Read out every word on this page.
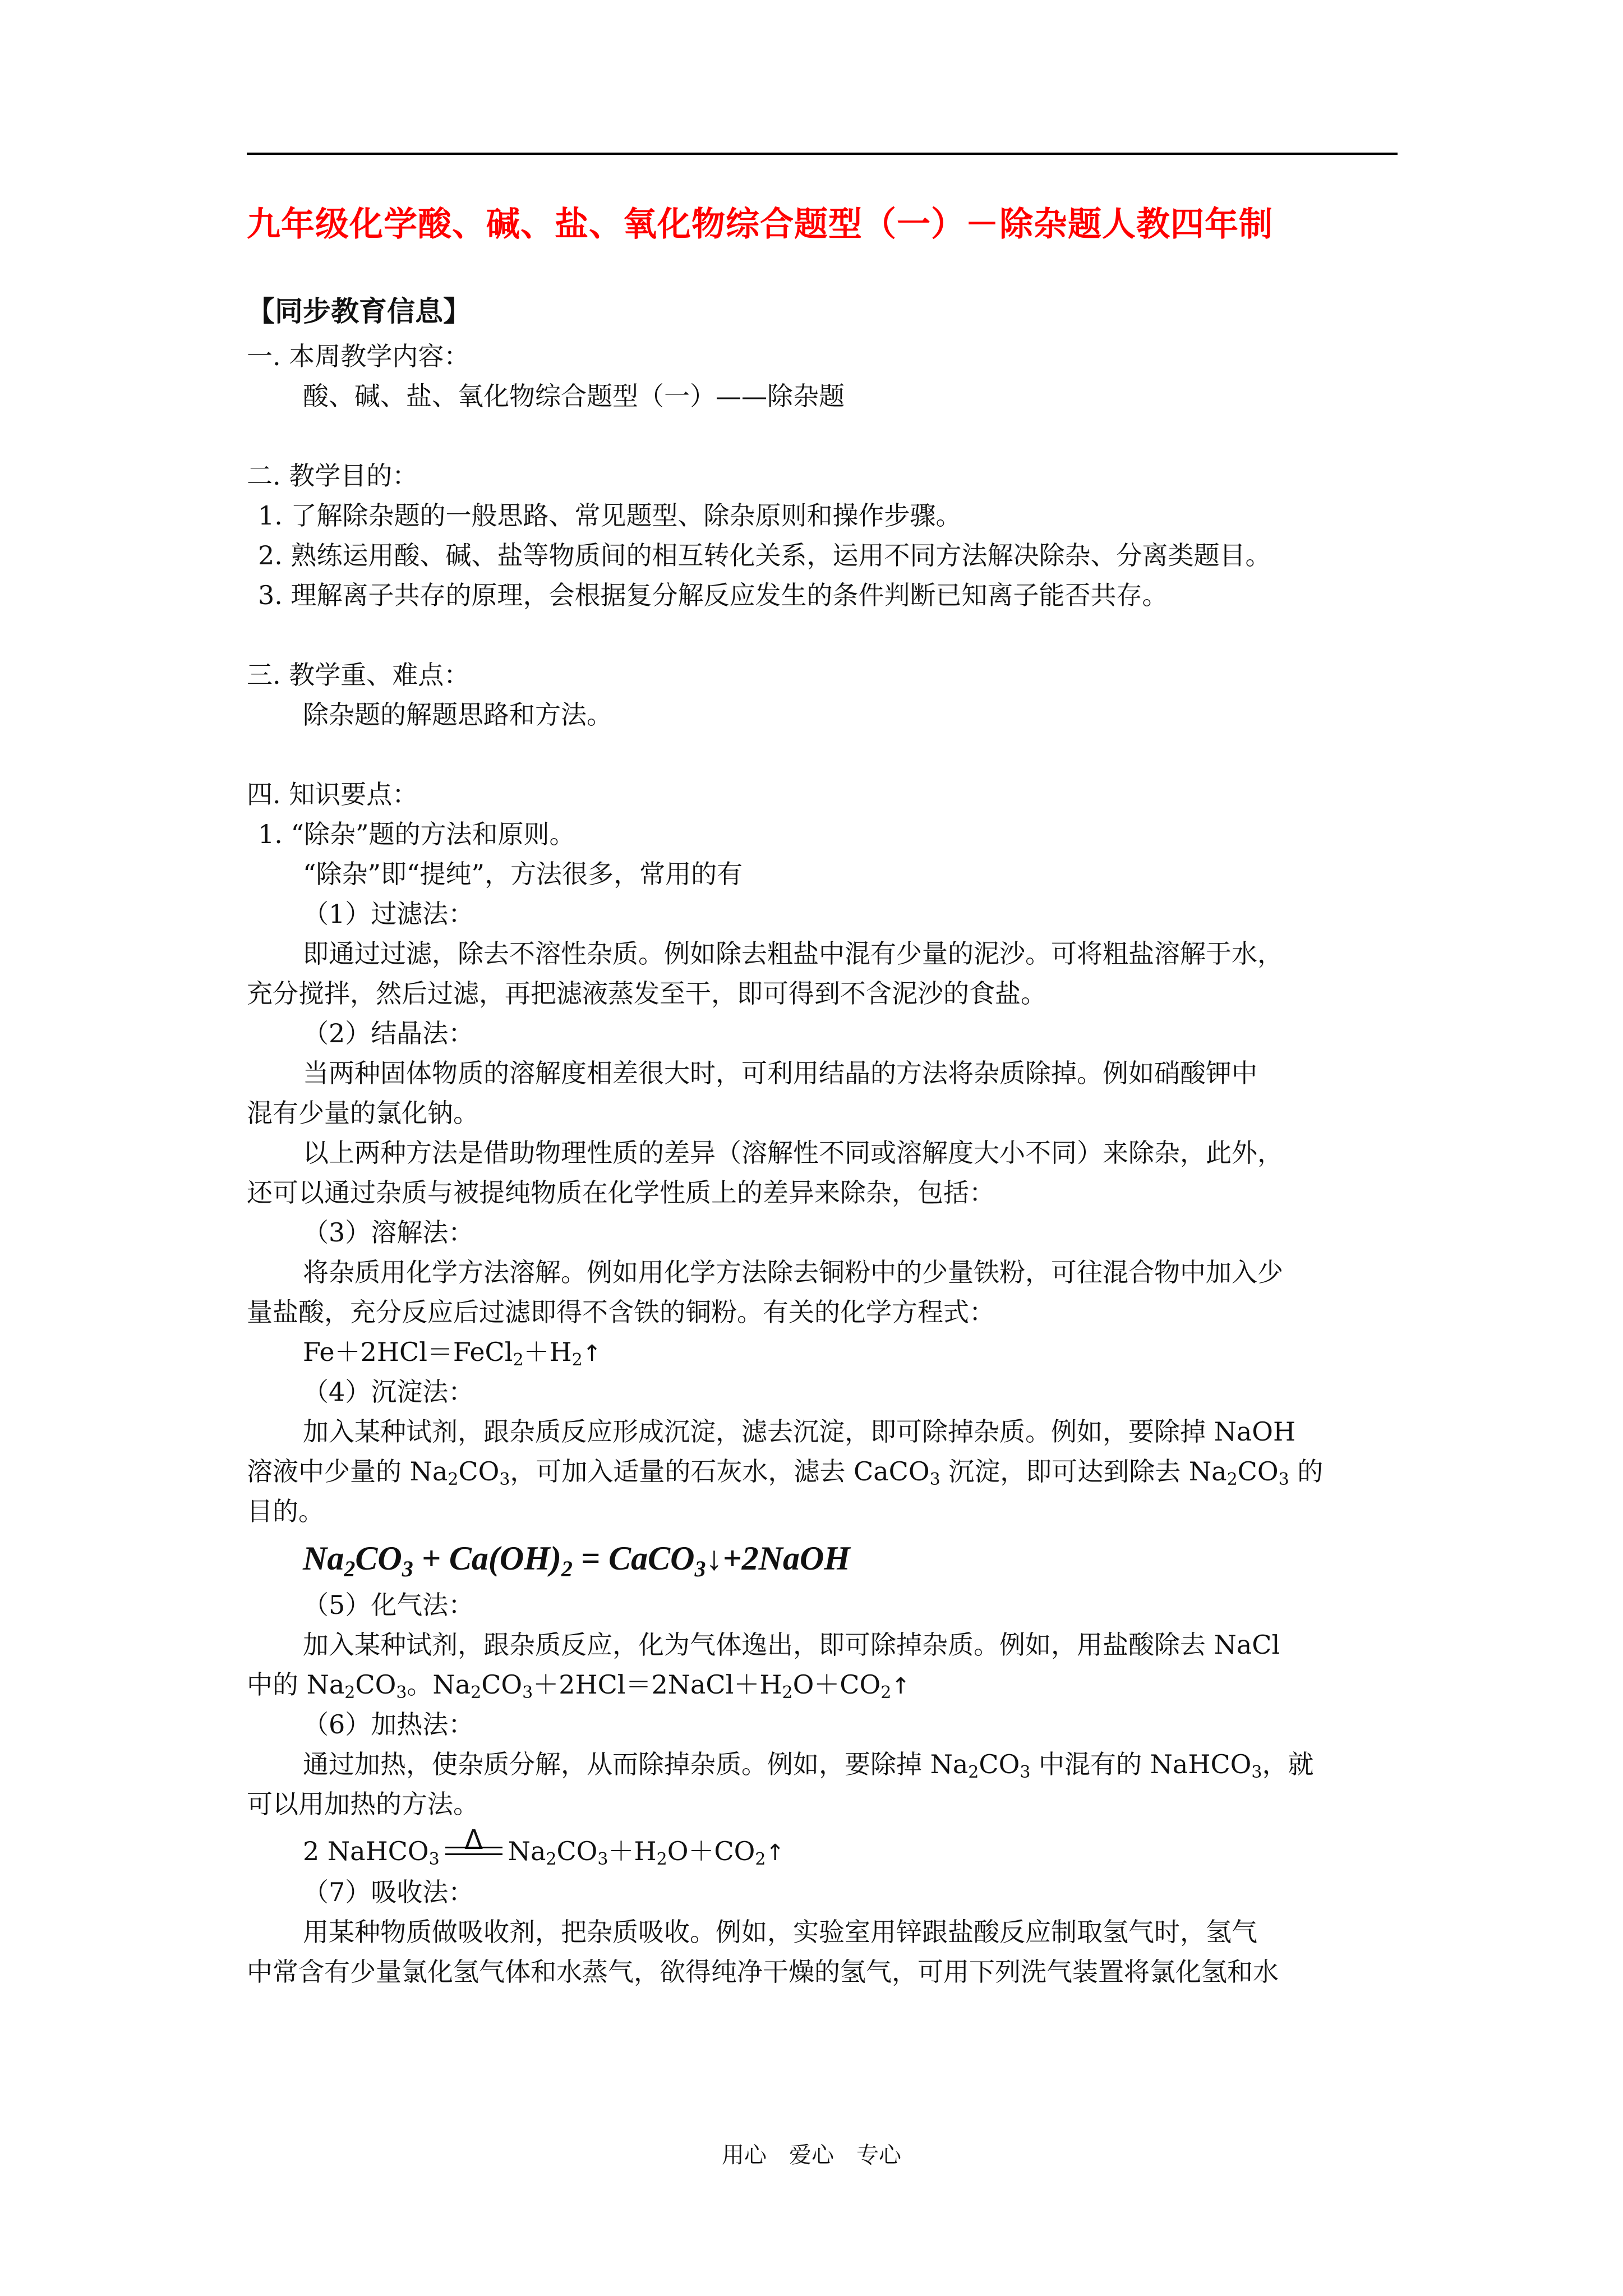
九年级化学酸、碱、盐、氧化物综合题型（一）－除杂题人教四年制
【同步教育信息】
一. 本周教学内容：
酸、碱、盐、氧化物综合题型（一）——除杂题
二. 教学目的：
1. 了解除杂题的一般思路、常见题型、除杂原则和操作步骤。
2. 熟练运用酸、碱、盐等物质间的相互转化关系，运用不同方法解决除杂、分离类题目。
3. 理解离子共存的原理，会根据复分解反应发生的条件判断已知离子能否共存。
三. 教学重、难点：
除杂题的解题思路和方法。
四. 知识要点：
1. “除杂”题的方法和原则。
“除杂”即“提纯”，方法很多，常用的有
（1）过滤法：
即通过过滤，除去不溶性杂质。例如除去粗盐中混有少量的泥沙。可将粗盐溶解于水，
充分搅拌，然后过滤，再把滤液蒸发至干，即可得到不含泥沙的食盐。
（2）结晶法：
当两种固体物质的溶解度相差很大时，可利用结晶的方法将杂质除掉。例如硝酸钾中
混有少量的氯化钠。
以上两种方法是借助物理性质的差异（溶解性不同或溶解度大小不同）来除杂，此外，
还可以通过杂质与被提纯物质在化学性质上的差异来除杂，包括：
（3）溶解法：
将杂质用化学方法溶解。例如用化学方法除去铜粉中的少量铁粉，可往混合物中加入少
量盐酸，充分反应后过滤即得不含铁的铜粉。有关的化学方程式：
$Fe+2HCl=FeCl_2+H_2↑$
（4）沉淀法：
加入某种试剂，跟杂质反应形成沉淀，滤去沉淀，即可除掉杂质。例如，要除掉 NaOH
溶液中少量的 $Na_2CO_3$，可加入适量的石灰水，滤去 CaCO$_3$ 沉淀，即可达到除去 $Na_2CO_3$ 的
目的。
$Na_2CO_3 + Ca(OH)_2$ = CaCO$_3$↓+2NaOH
（5）化气法：
加入某种试剂，跟杂质反应，化为气体逸出，即可除掉杂质。例如，用盐酸除去 NaCl
中的 $Na_2CO_3$。$Na_2CO_3+2HCl=2NaCl+H_2O+CO_2↑$
（6）加热法：
通过加热，使杂质分解，从而除掉杂质。例如，要除掉 $Na_2CO_3$ 中混有的 NaHCO$_3$，就
可以用加热的方法。
2 NaHCO$_3$
Δ $Na_2CO_3+H_2O+CO_2↑$
（7）吸收法：
用某种物质做吸收剂，把杂质吸收。例如，实验室用锌跟盐酸反应制取氢气时，氢气
中常含有少量氯化氢气体和水蒸气，欲得纯净干燥的氢气，可用下列洗气装置将氯化氢和水
用心　爱心　专心
